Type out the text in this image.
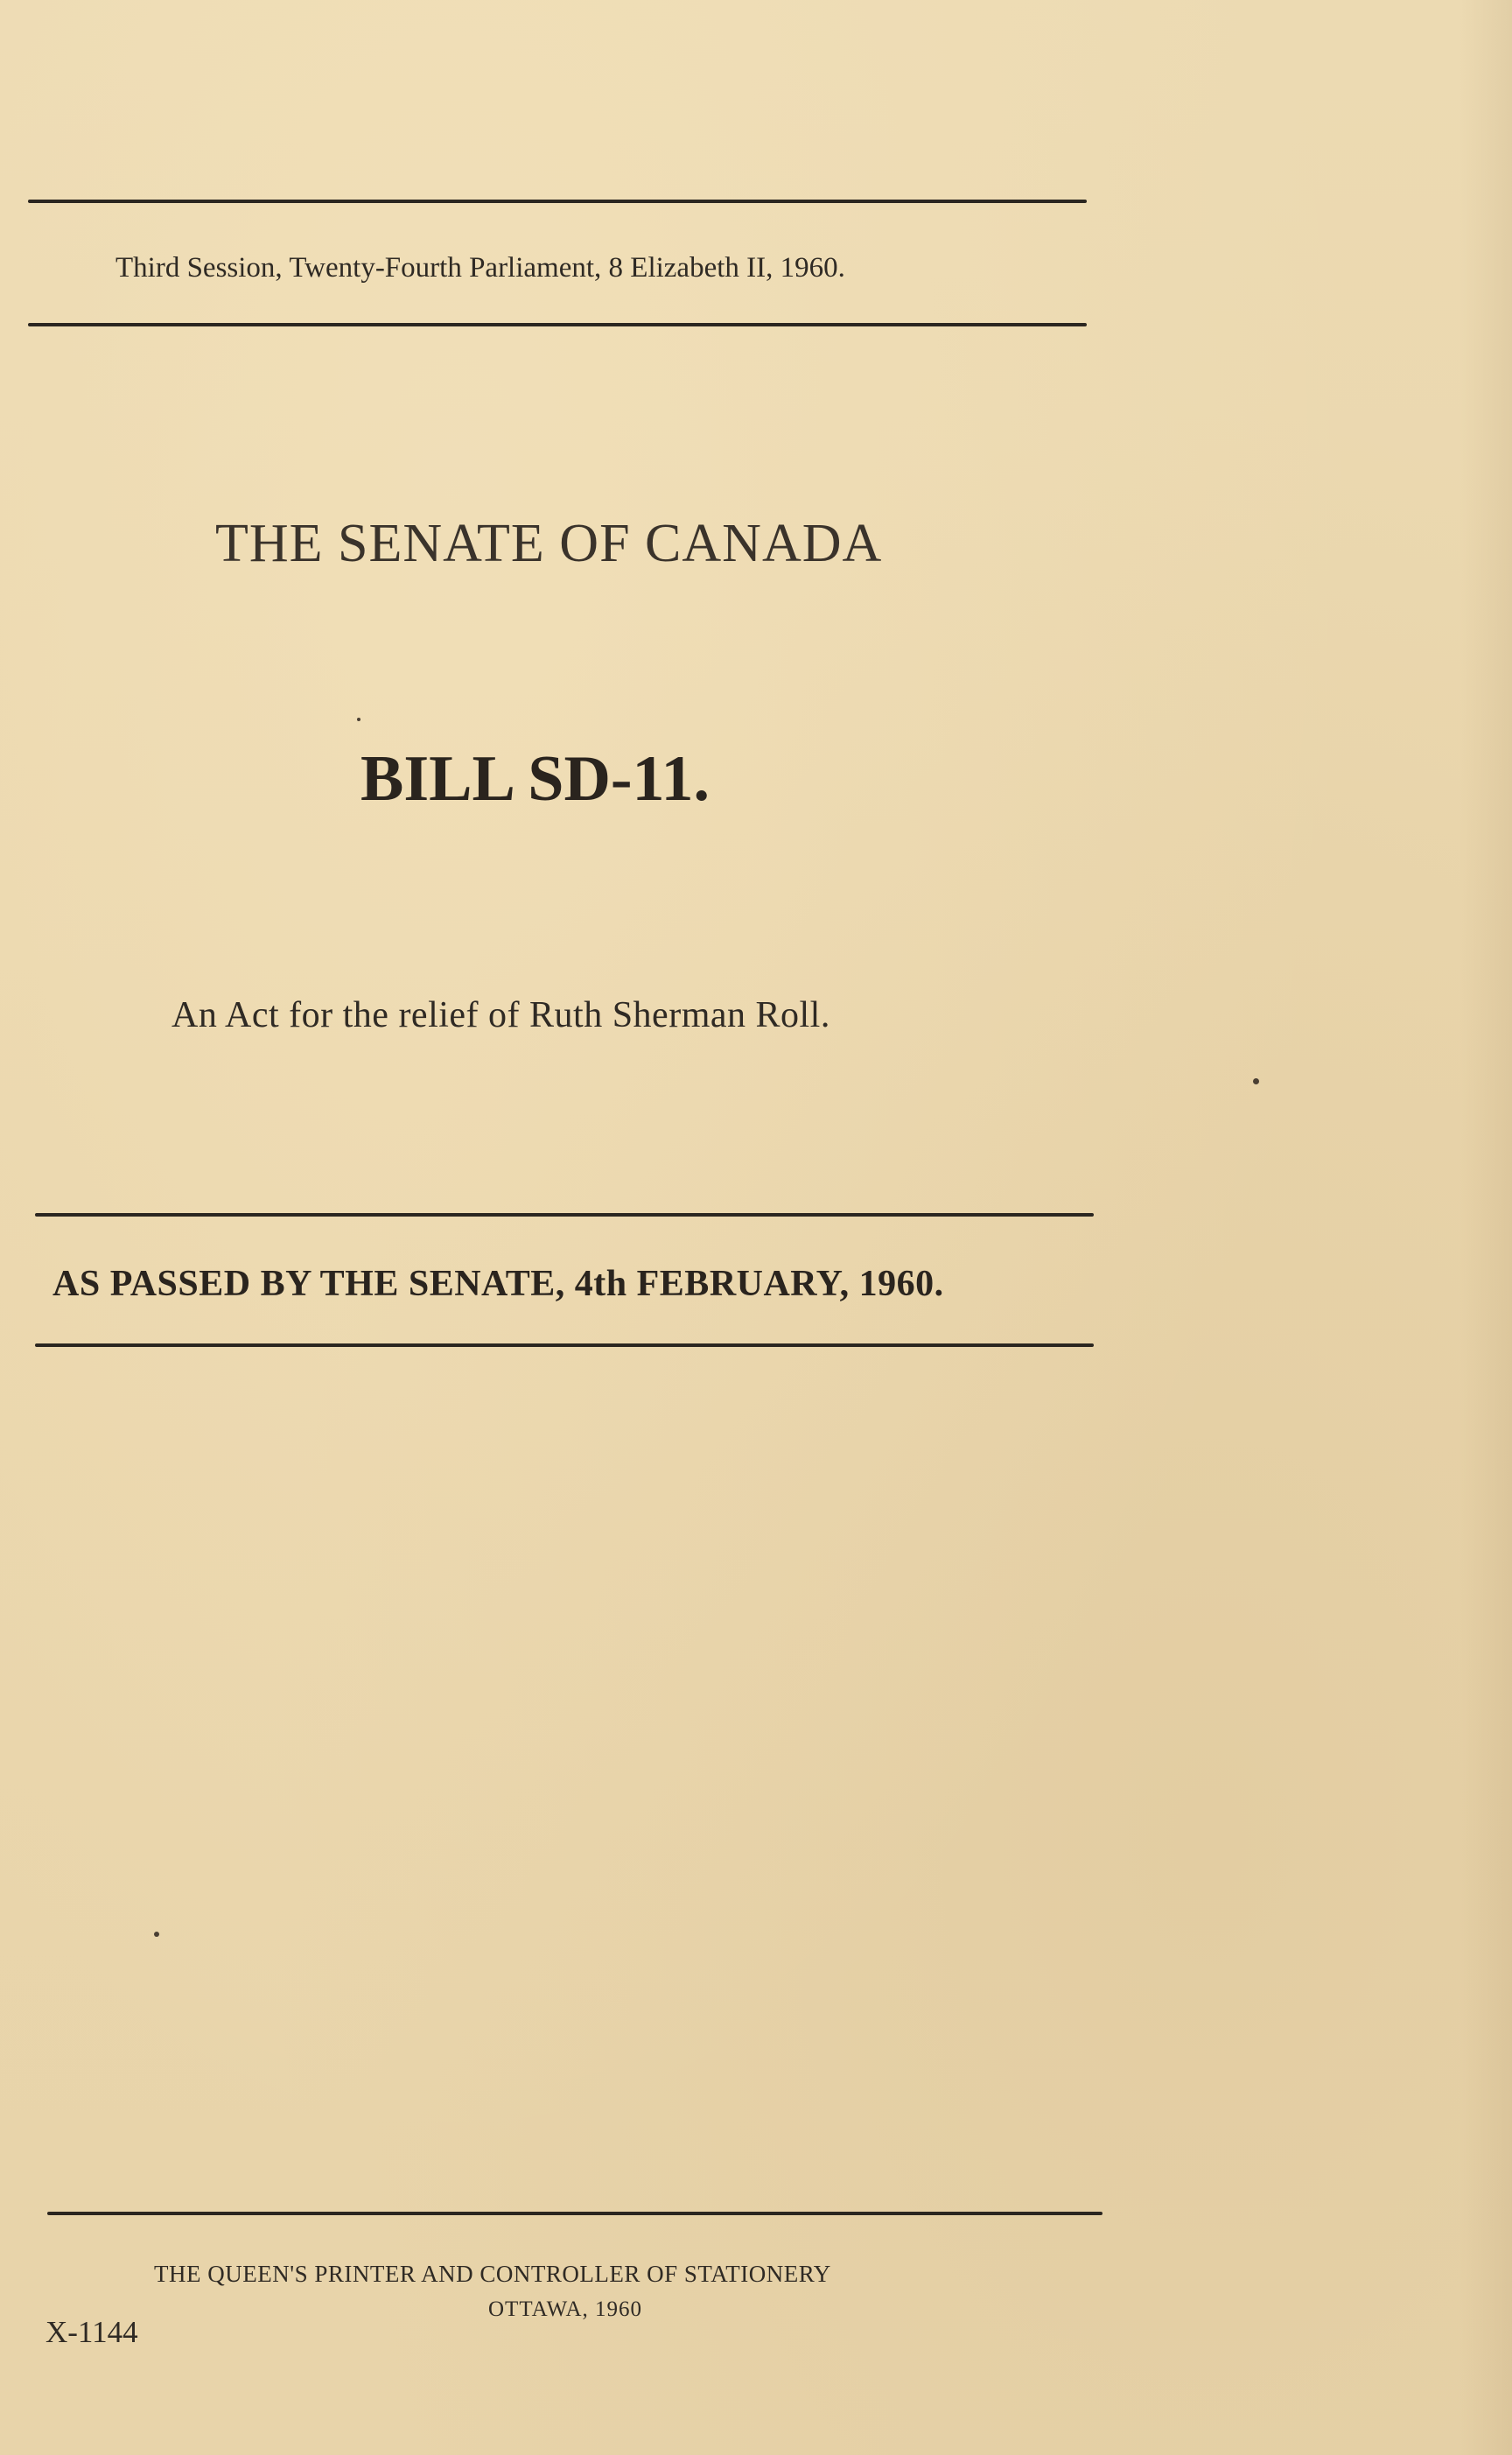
Third Session, Twenty-Fourth Parliament, 8 Elizabeth II, 1960.
THE SENATE OF CANADA
BILL SD-11.
An Act for the relief of Ruth Sherman Roll.
AS PASSED BY THE SENATE, 4th FEBRUARY, 1960.
THE QUEEN'S PRINTER AND CONTROLLER OF STATIONERY
OTTAWA, 1960
X-1144
